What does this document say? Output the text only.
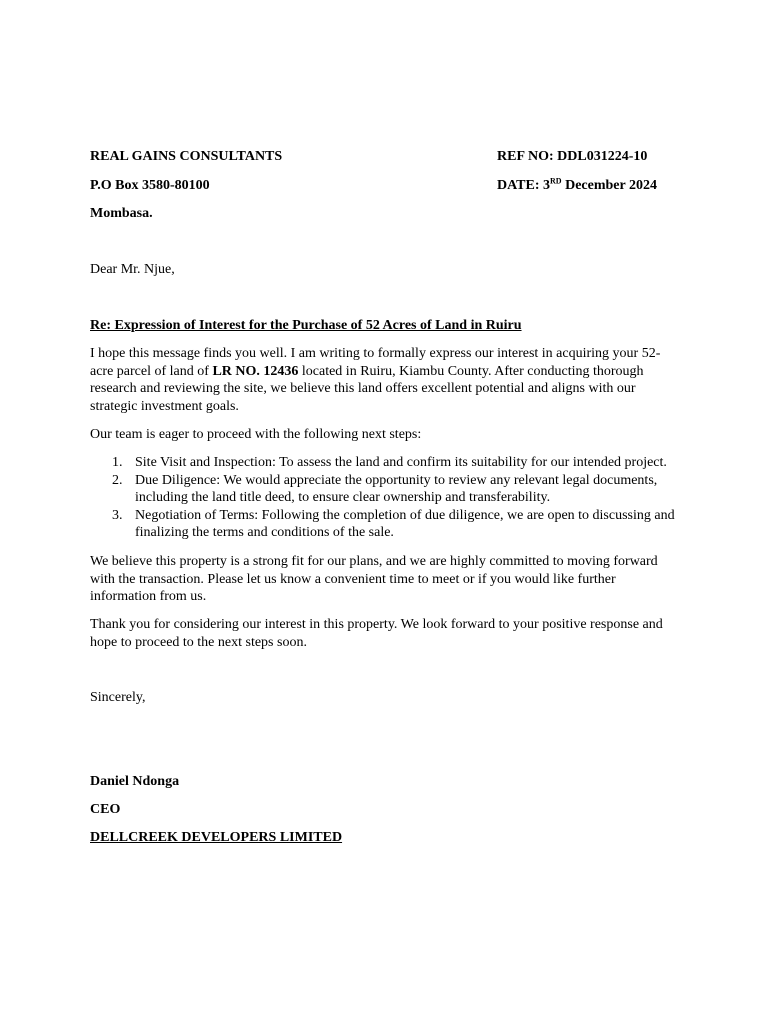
REAL GAINS CONSULTANTS
P.O Box 3580-80100
Mombasa.
REF NO: DDL031224-10
DATE: 3RD December 2024
Dear Mr. Njue,
Re: Expression of Interest for the Purchase of 52 Acres of Land in Ruiru

I hope this message finds you well. I am writing to formally express our interest in acquiring your 52-acre parcel of land of LR NO. 12436 located in Ruiru, Kiambu County. After conducting thorough research and reviewing the site, we believe this land offers excellent potential and aligns with our strategic investment goals.

Our team is eager to proceed with the following next steps:

1. Site Visit and Inspection: To assess the land and confirm its suitability for our intended project.
2. Due Diligence: We would appreciate the opportunity to review any relevant legal documents, including the land title deed, to ensure clear ownership and transferability.
3. Negotiation of Terms: Following the completion of due diligence, we are open to discussing and finalizing the terms and conditions of the sale.

We believe this property is a strong fit for our plans, and we are highly committed to moving forward with the transaction. Please let us know a convenient time to meet or if you would like further information from us.

Thank you for considering our interest in this property. We look forward to your positive response and hope to proceed to the next steps soon.

Sincerely,
Daniel Ndonga
CEO
DELLCREEK DEVELOPERS LIMITED
